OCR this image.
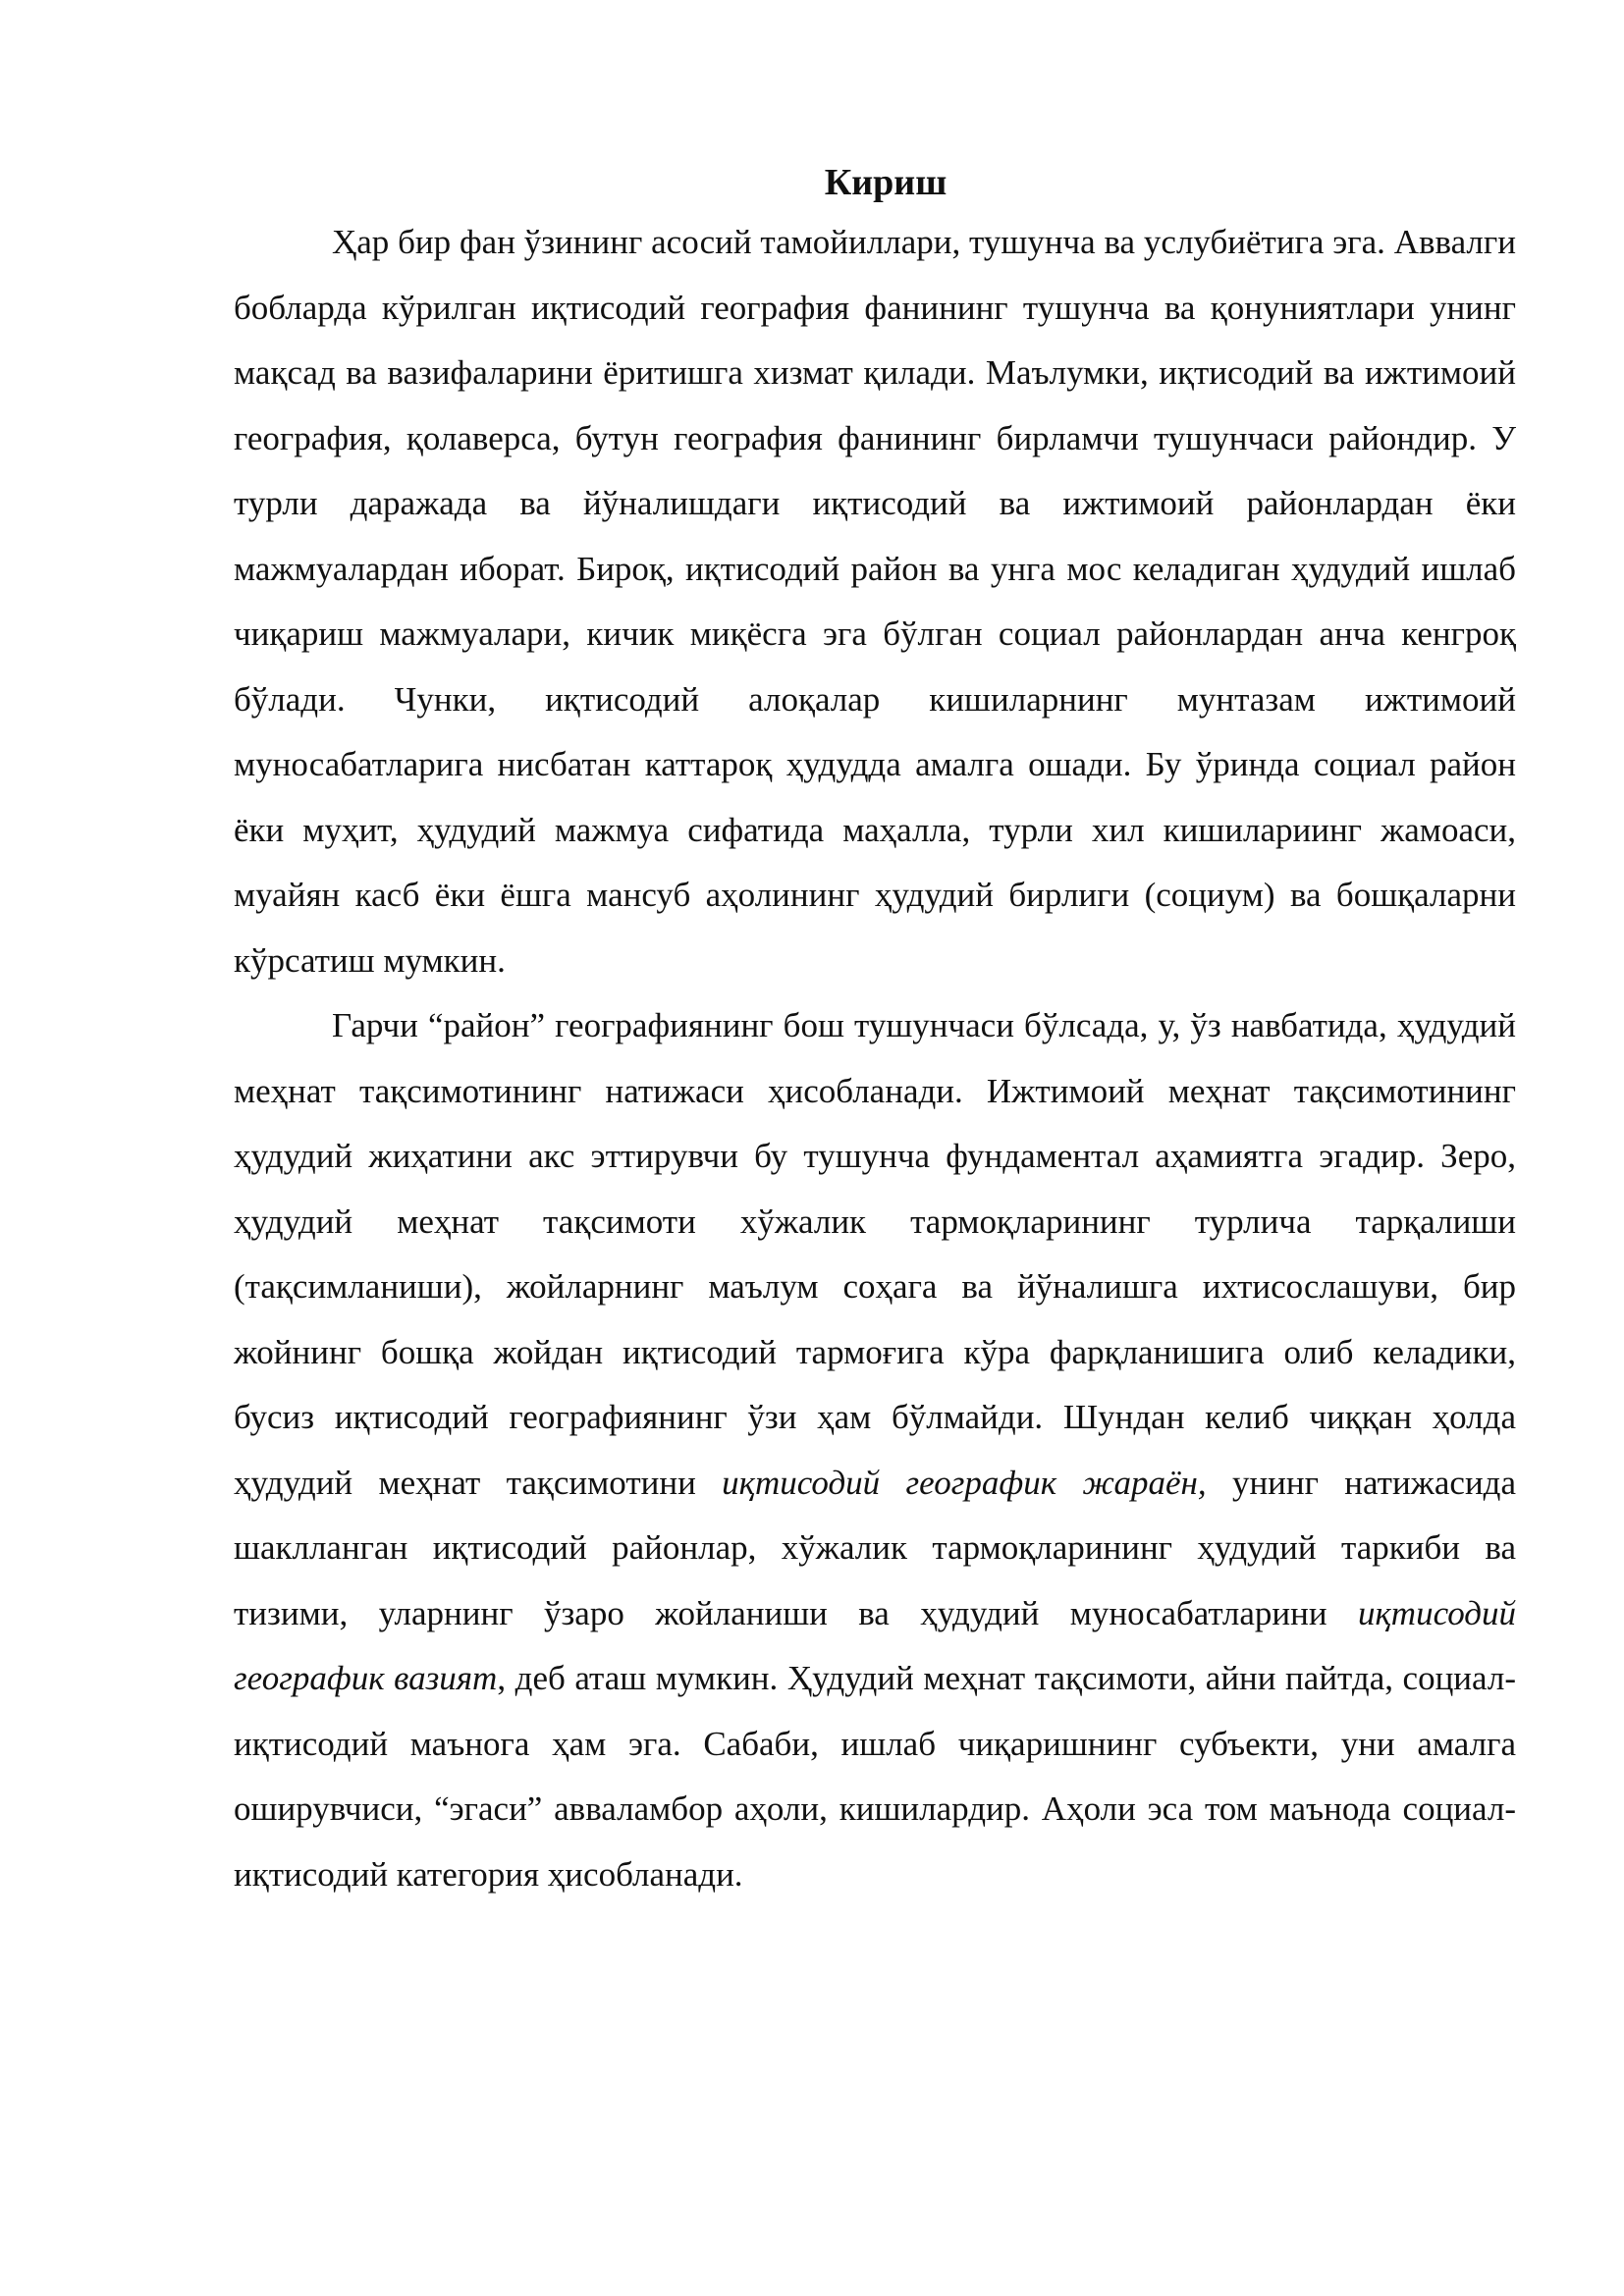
Кириш

Ҳар бир фан ўзининг асосий тамойиллари, тушунча ва услубиётига эга. Аввалги бобларда кўрилган иқтисодий география фанининг тушунча ва қонуниятлари унинг мақсад ва вазифаларини ёритишга хизмат қилади. Маълумки, иқтисодий ва ижтимоий география, қолаверса, бутун география фанининг бирламчи тушунчаси райондир. У турли даражада ва йўналишдаги иқтисодий ва ижтимоий районлардан ёки мажмуалардан иборат. Бироқ, иқтисодий район ва унга мос келадиган ҳудудий ишлаб чиқариш мажмуалари, кичик миқёсга эга бўлган социал районлардан анча кенгроқ бўлади. Чунки, иқтисодий алоқалар кишиларнинг мунтазам ижтимоий муносабатларига нисбатан каттароқ ҳудудда амалга ошади. Бу ўринда социал район ёки муҳит, ҳудудий мажмуа сифатида маҳалла, турли хил кишилариинг жамоаси, муайян касб ёки ёшга мансуб аҳолининг ҳудудий бирлиги (социум) ва бошқаларни кўрсатиш мумкин.

Гарчи “район” географиянинг бош тушунчаси бўлсада, у, ўз навбатида, ҳудудий меҳнат тақсимотининг натижаси ҳисобланади. Ижтимоий меҳнат тақсимотининг ҳудудий жиҳатини акс эттирувчи бу тушунча фундаментал аҳамиятга эгадир. Зеро, ҳудудий меҳнат тақсимоти хўжалик тармоқларининг турлича тарқалиши (тақсимланиши), жойларнинг маълум соҳага ва йўналишга ихтисослашуви, бир жойнинг бошқа жойдан иқтисодий тармоғига кўра фарқланишига олиб келадики, бусиз иқтисодий географиянинг ўзи ҳам бўлмайди. Шундан келиб чиққан ҳолда ҳудудий меҳнат тақсимотини иқтисодий географик жараён, унинг натижасида шаклланган иқтисодий районлар, хўжалик тармоқларининг ҳудудий таркиби ва тизими, уларнинг ўзаро жойланиши ва ҳудудий муносабатларини иқтисодий географик вазият, деб аташ мумкин. Ҳудудий меҳнат тақсимоти, айни пайтда, социал-иқтисодий маънога ҳам эга. Сабаби, ишлаб чиқаришнинг субъекти, уни амалга оширувчиси, “эгаси” авваламбор аҳоли, кишилардир. Аҳоли эса том маънода социал-иқтисодий категория ҳисобланади.
